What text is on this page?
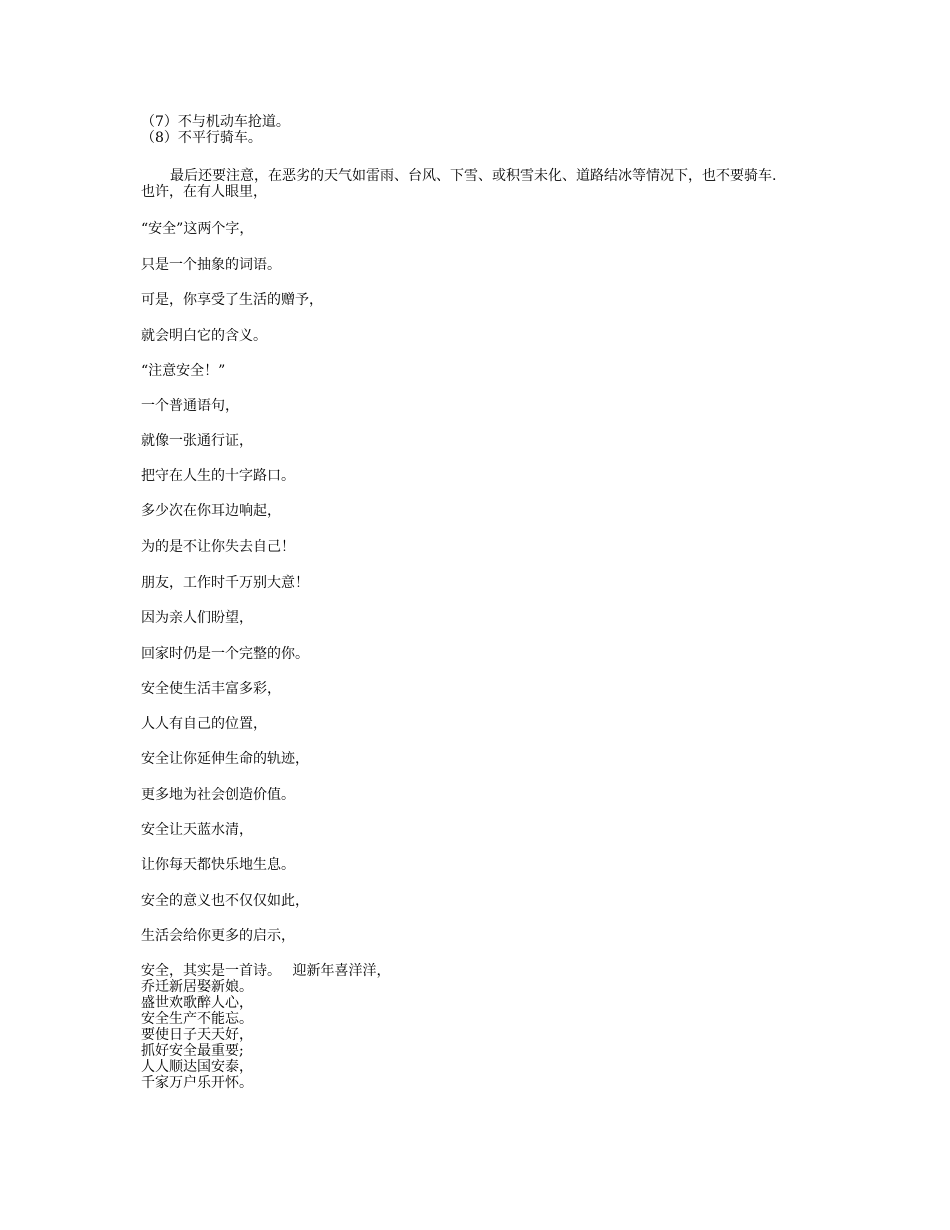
（7）不与机动车抢道。
（8）不平行骑车。
最后还要注意，在恶劣的天气如雷雨、台风、下雪、或积雪未化、道路结冰等情况下，也不要骑车.
也许，在有人眼里，
“安全”这两个字，
只是一个抽象的词语。
可是，你享受了生活的赠予，
就会明白它的含义。
“注意安全！”
一个普通语句，
就像一张通行证，
把守在人生的十字路口。
多少次在你耳边响起，
为的是不让你失去自己！
朋友，工作时千万别大意！
因为亲人们盼望，
回家时仍是一个完整的你。
安全使生活丰富多彩，
人人有自己的位置，
安全让你延伸生命的轨迹，
更多地为社会创造价值。
安全让天蓝水清，
让你每天都快乐地生息。
安全的意义也不仅仅如此，
生活会给你更多的启示，
安全，其实是一首诗。　 迎新年喜洋洋，
乔迁新居娶新娘。
盛世欢歌醉人心，
安全生产不能忘。
要使日子天天好，
抓好安全最重要;
人人顺达国安泰，
千家万户乐开怀。
